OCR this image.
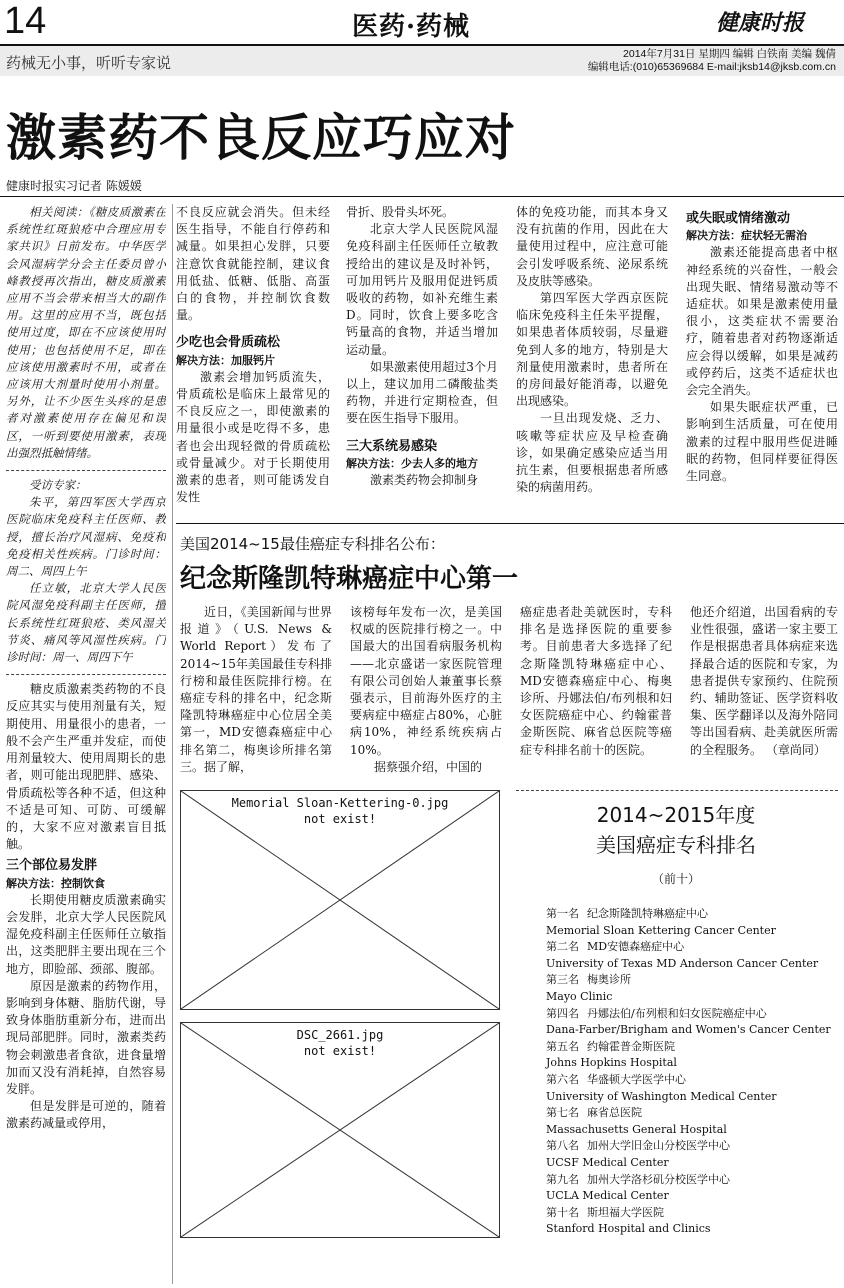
14	医药·药械	健康时报
药械无小事，听听专家说	2014年7月31日 星期四 编辑 白铁南 美编 魏倩
编辑电话:(010)65369684 E-mail:jksb14@jksb.com.cn
激素药不良反应巧应对
健康时报实习记者 陈媛媛

相关阅读：《糖皮质激素在系统性红斑狼疮中合理应用专家共识》日前发布。中华医学会风湿病学分会主任委员曾小峰教授再次指出，糖皮质激素应用不当会带来相当大的副作用。这里的应用不当，既包括使用过度，即在不应该使用时使用；也包括使用不足，即在应该使用激素时不用，或者在应该用大剂量时使用小剂量。另外，让不少医生头疼的是患者对激素使用存在偏见和误区，一听到要使用激素，表现出强烈抵触情绪。

受访专家：

朱平，第四军医大学西京医院临床免疫科主任医师、教授，擅长治疗风湿病、免疫和免疫相关性疾病。门诊时间：周二、周四上午

任立敏，北京大学人民医院风湿免疫科副主任医师，擅长系统性红斑狼疮、类风湿关节炎、痛风等风湿性疾病。门诊时间：周一、周四下午

糖皮质激素类药物的不良反应其实与使用剂量有关，短期使用、用量很小的患者，一般不会产生严重并发症，而使用剂量较大、使用周期长的患者，则可能出现肥胖、感染、骨质疏松等各种不适，但这种不适是可知、可防、可缓解的，大家不应对激素盲目抵触。

三个部位易发胖

解决方法：控制饮食

长期使用糖皮质激素确实会发胖，北京大学人民医院风湿免疫科副主任医师任立敏指出，这类肥胖主要出现在三个地方，即脸部、颈部、腹部。

原因是激素的药物作用，影响到身体糖、脂肪代谢，导致身体脂肪重新分布，进而出现局部肥胖。同时，激素类药物会刺激患者食欲，进食量增加而又没有消耗掉，自然容易发胖。

但是发胖是可逆的，随着激素药减量或停用，

不良反应就会消失。但未经医生指导，不能自行停药和减量。如果担心发胖，只要注意饮食就能控制，建议食用低盐、低糖、低脂、高蛋白的食物，并控制饮食数量。

少吃也会骨质疏松

解决方法：加服钙片

激素会增加钙质流失，骨质疏松是临床上最常见的不良反应之一，即使激素的用量很小或是吃得不多，患者也会出现轻微的骨质疏松或骨量减少。对于长期使用激素的患者，则可能诱发自发性

骨折、股骨头坏死。

北京大学人民医院风湿免疫科副主任医师任立敏教授给出的建议是及时补钙，可加用钙片及服用促进钙质吸收的药物，如补充维生素D。同时，饮食上要多吃含钙量高的食物，并适当增加运动量。

如果激素使用超过3个月以上，建议加用二磷酸盐类药物，并进行定期检查，但要在医生指导下服用。

三大系统易感染

解决方法：少去人多的地方

激素类药物会抑制身

体的免疫功能，而其本身又没有抗菌的作用，因此在大量使用过程中，应注意可能会引发呼吸系统、泌尿系统及皮肤等感染。

第四军医大学西京医院临床免疫科主任朱平提醒，如果患者体质较弱，尽量避免到人多的地方，特别是大剂量使用激素时，患者所在的房间最好能消毒，以避免出现感染。

一旦出现发烧、乏力、咳嗽等症状应及早检查确诊，如果确定感染应适当用抗生素，但要根据患者所感染的病菌用药。

或失眠或情绪激动

解决方法：症状轻无需治

激素还能提高患者中枢神经系统的兴奋性，一般会出现失眠、情绪易激动等不适症状。如果是激素使用量很小，这类症状不需要治疗，随着患者对药物逐渐适应会得以缓解，如果是减药或停药后，这类不适症状也会完全消失。

如果失眠症状严重，已影响到生活质量，可在使用激素的过程中服用些促进睡眠的药物，但同样要征得医生同意。

美国2014~15最佳癌症专科排名公布：
纪念斯隆凯特琳癌症中心第一

近日，《美国新闻与世界报道》（U.S. News & World Report）发布了2014~15年美国最佳专科排行榜和最佳医院排行榜。在癌症专科的排名中，纪念斯隆凯特琳癌症中心位居全美第一，MD安德森癌症中心排名第二，梅奥诊所排名第三。据了解，

该榜每年发布一次，是美国权威的医院排行榜之一。中国最大的出国看病服务机构——北京盛诺一家医院管理有限公司创始人兼董事长蔡强表示，目前海外医疗的主要病症中癌症占80%，心脏病10%，神经系统疾病占10%。

据蔡强介绍，中国的

癌症患者赴美就医时，专科排名是选择医院的重要参考。目前患者大多选择了纪念斯隆凯特琳癌症中心、MD安德森癌症中心、梅奥诊所、丹娜法伯/布列根和妇女医院癌症中心、约翰霍普金斯医院、麻省总医院等癌症专科排名前十的医院。

他还介绍道，出国看病的专业性很强，盛诺一家主要工作是根据患者具体病症来选择最合适的医院和专家，为患者提供专家预约、住院预约、辅助签证、医学资料收集、医学翻译以及海外陪同等出国看病、赴美就医所需的全程服务。 （章尚同）
Memorial Sloan-Kettering-0.jpg
not exist!
DSC_2661.jpg
not exist!
2014~2015年度
美国癌症专科排名
（前十）
第一名 纪念斯隆凯特琳癌症中心
Memorial Sloan Kettering Cancer Center
第二名 MD安德森癌症中心
University of Texas MD Anderson Cancer Center
第三名 梅奥诊所
Mayo Clinic
第四名 丹娜法伯/布列根和妇女医院癌症中心
Dana-Farber/Brigham and Women's Cancer Center
第五名 约翰霍普金斯医院
Johns Hopkins Hospital
第六名 华盛顿大学医学中心
University of Washington Medical Center
第七名 麻省总医院
Massachusetts General Hospital
第八名 加州大学旧金山分校医学中心
UCSF Medical Center
第九名 加州大学洛杉矶分校医学中心
UCLA Medical Center
第十名 斯坦福大学医院
Stanford Hospital and Clinics
